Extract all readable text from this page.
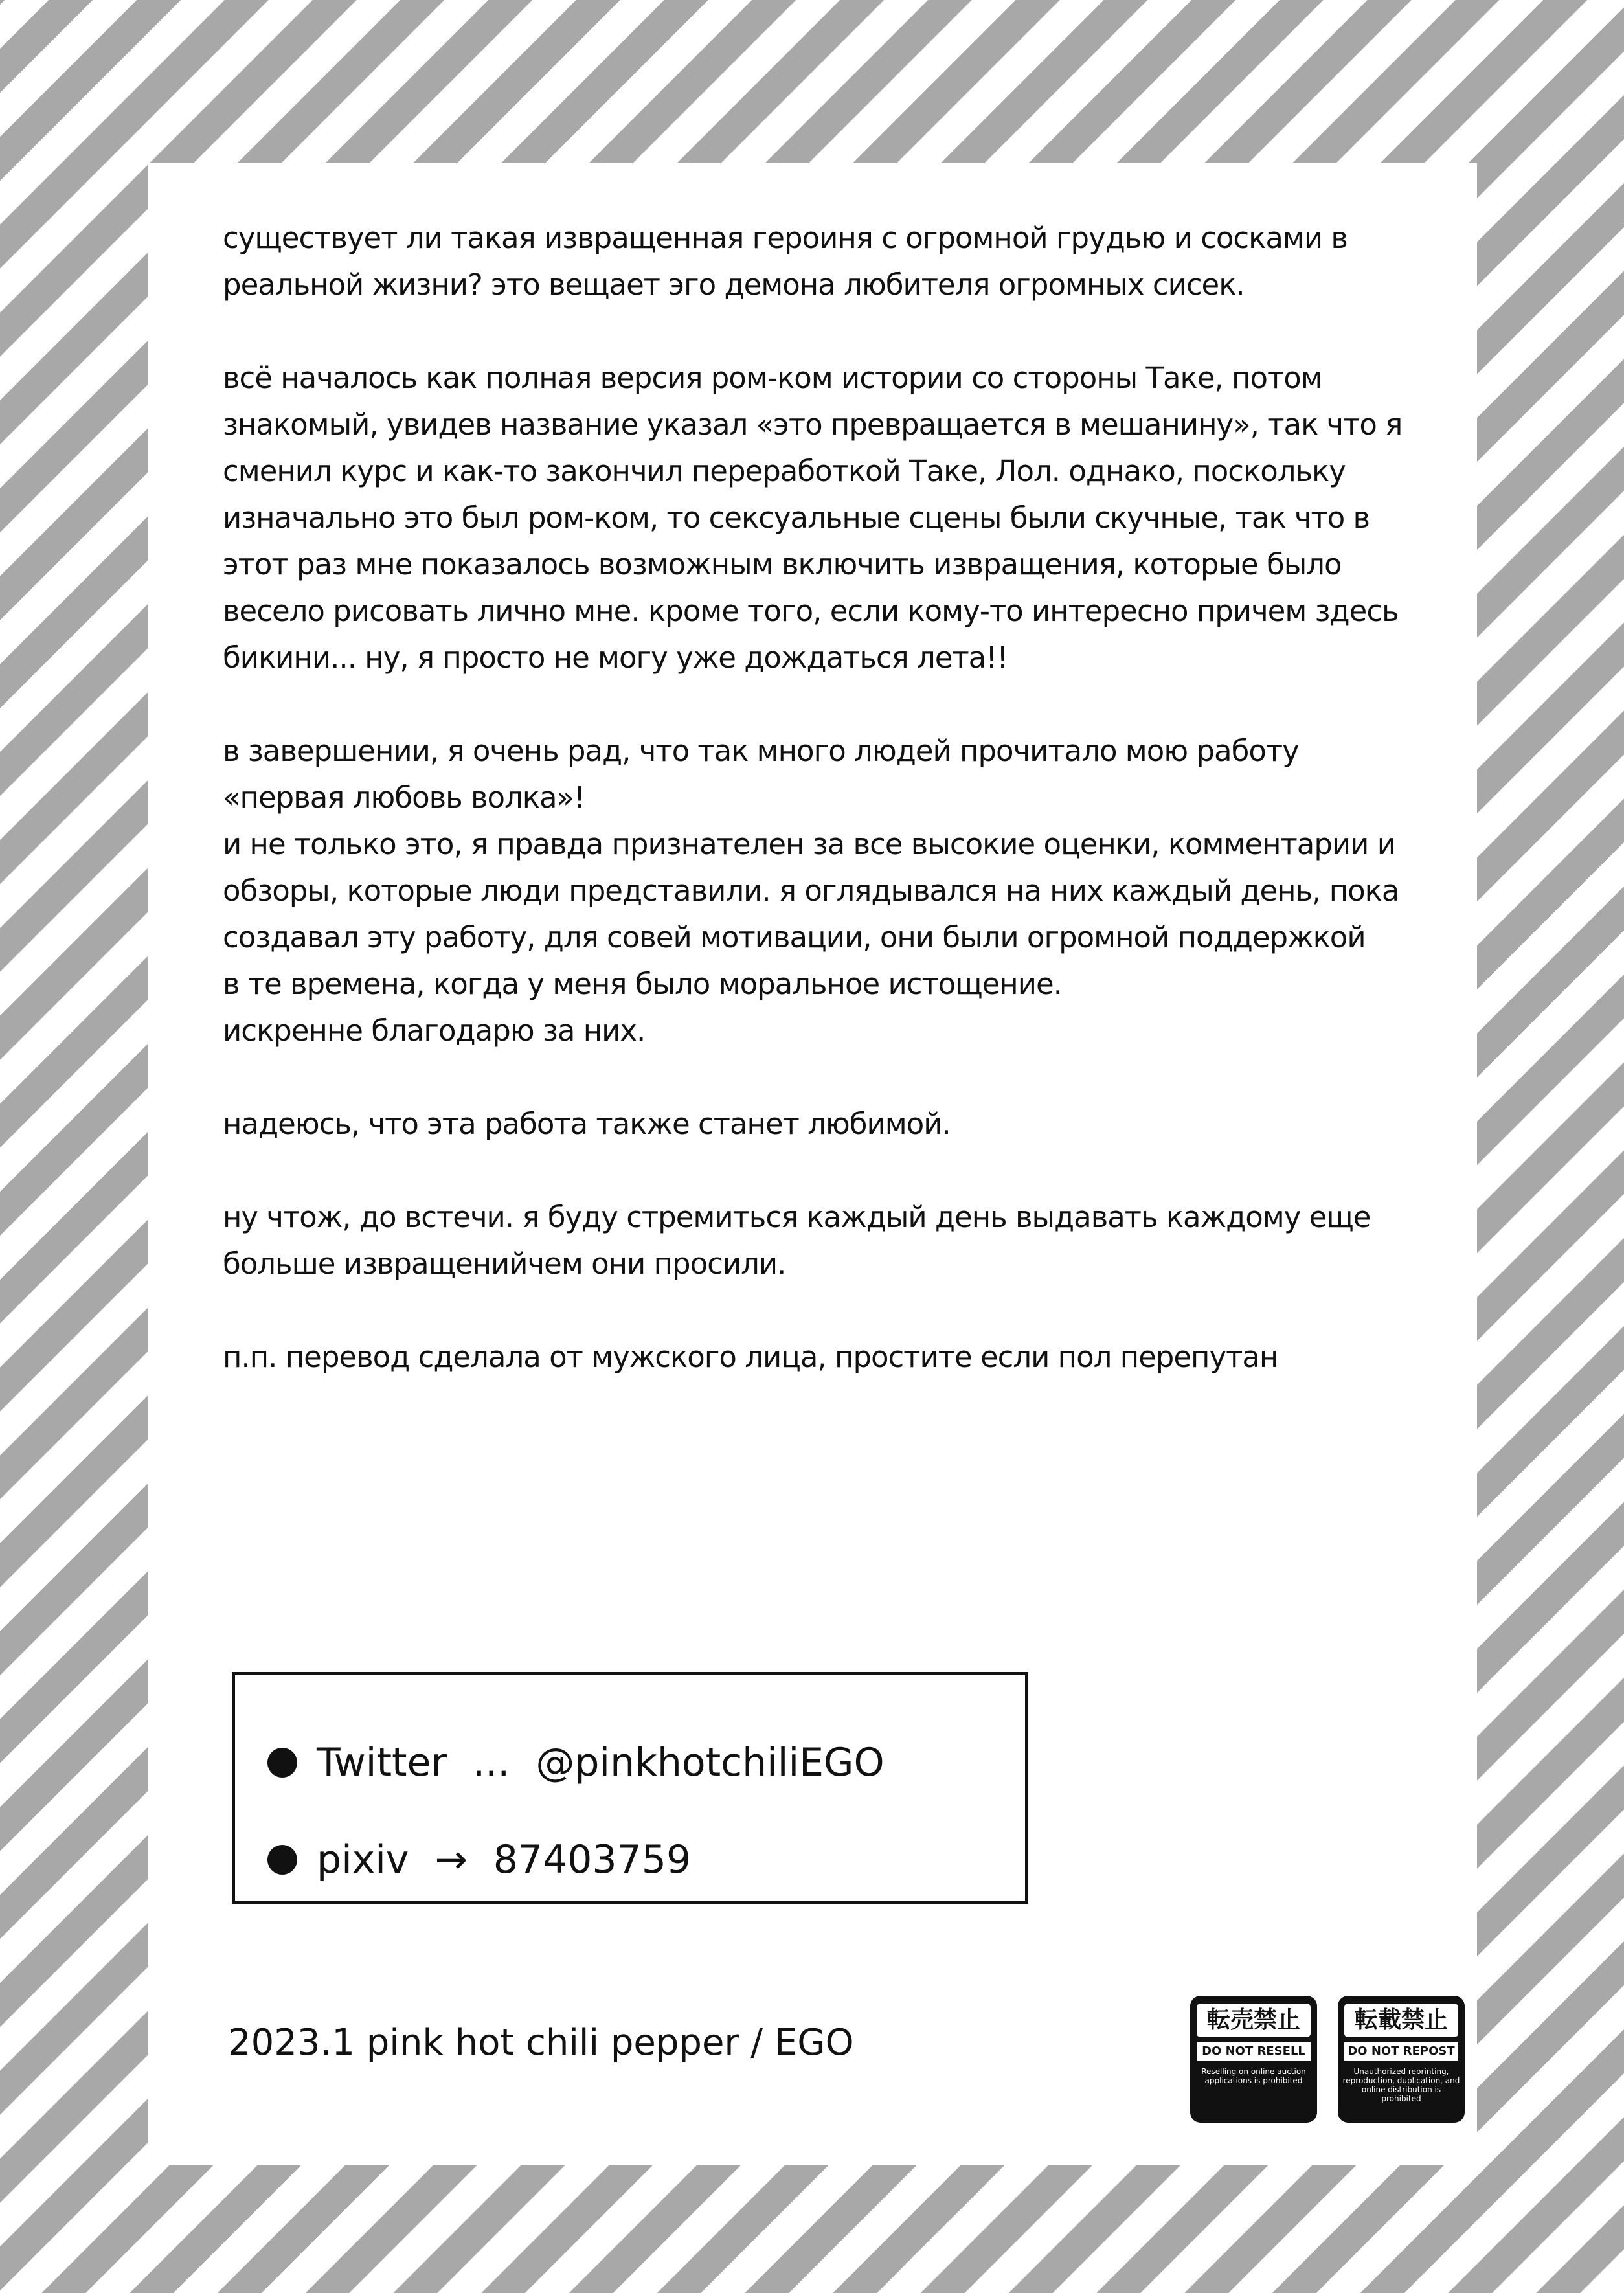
существует ли такая извращенная героиня с огромной грудью и сосками в
реальной жизни? это вещает эго демона любителя огромных сисек.
всё началось как полная версия ром-ком истории со стороны Таке, потом
знакомый, увидев название указал «это превращается в мешанину», так что я
сменил курс и как-то закончил переработкой Таке, Лол. однако, поскольку
изначально это был ром-ком, то сексуальные сцены были скучные, так что в
этот раз мне показалось возможным включить извращения, которые было
весело рисовать лично мне. кроме того, если кому-то интересно причем здесь
бикини... ну, я просто не могу уже дождаться лета!!
в завершении, я очень рад, что так много людей прочитало мою работу
«первая любовь волка»!
и не только это, я правда признателен за все высокие оценки, комментарии и
обзоры, которые люди представили. я оглядывался на них каждый день, пока
создавал эту работу, для совей мотивации, они были огромной поддержкой
в те времена, когда у меня было моральное истощение.
искренне благодарю за них.
надеюсь, что эта работа также станет любимой.
ну чтож, до встечи. я буду стремиться каждый день выдавать каждому еще
больше извращенийчем они просили.
п.п. перевод сделала от мужского лица, простите если пол перепутан
Twitter ... @pinkhotchiliEGO
pixiv → 87403759
2023.1 pink hot chili pepper / EGO
転売禁止
DO NOT RESELL
Reselling on online auction applications is prohibited
転載禁止
DO NOT REPOST
Unauthorized reprinting, reproduction, duplication, and online distribution is prohibited
